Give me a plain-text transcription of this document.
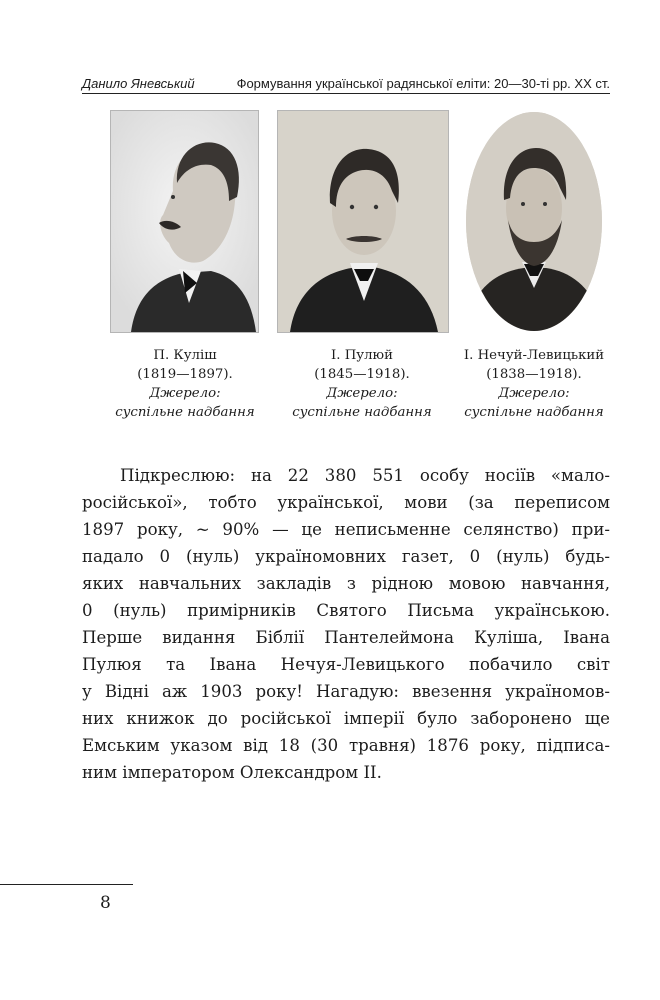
Данило Яневський	Формування української радянської еліти: 20—30-ті рр. ХХ ст.
П. Куліш
(1819—1897).
Джерело:
суспільне надбання
І. Пулюй
(1845—1918).
Джерело:
суспільне надбання
І. Нечуй-Левицький
(1838—1918).
Джерело:
суспільне надбання
Підкреслюю: на 22 380 551 особу носіїв «мало-
російської», тобто української, мови (за переписом
1897 року, ~ 90% — це неписьменне селянство) при-
падало 0 (нуль) україномовних газет, 0 (нуль) будь-
яких навчальних закладів з рідною мовою навчання,
0 (нуль) примірників Святого Письма українською.
Перше видання Біблії Пантелеймона Куліша, Івана
Пулюя та Івана Нечуя-Левицького побачило світ
у Відні аж 1903 року! Нагадую: ввезення україномов-
них книжок до російської імперії було заборонено ще
Емським указом від 18 (30 травня) 1876 року, підписа-
ним імператором Олександром ІІ.
8
